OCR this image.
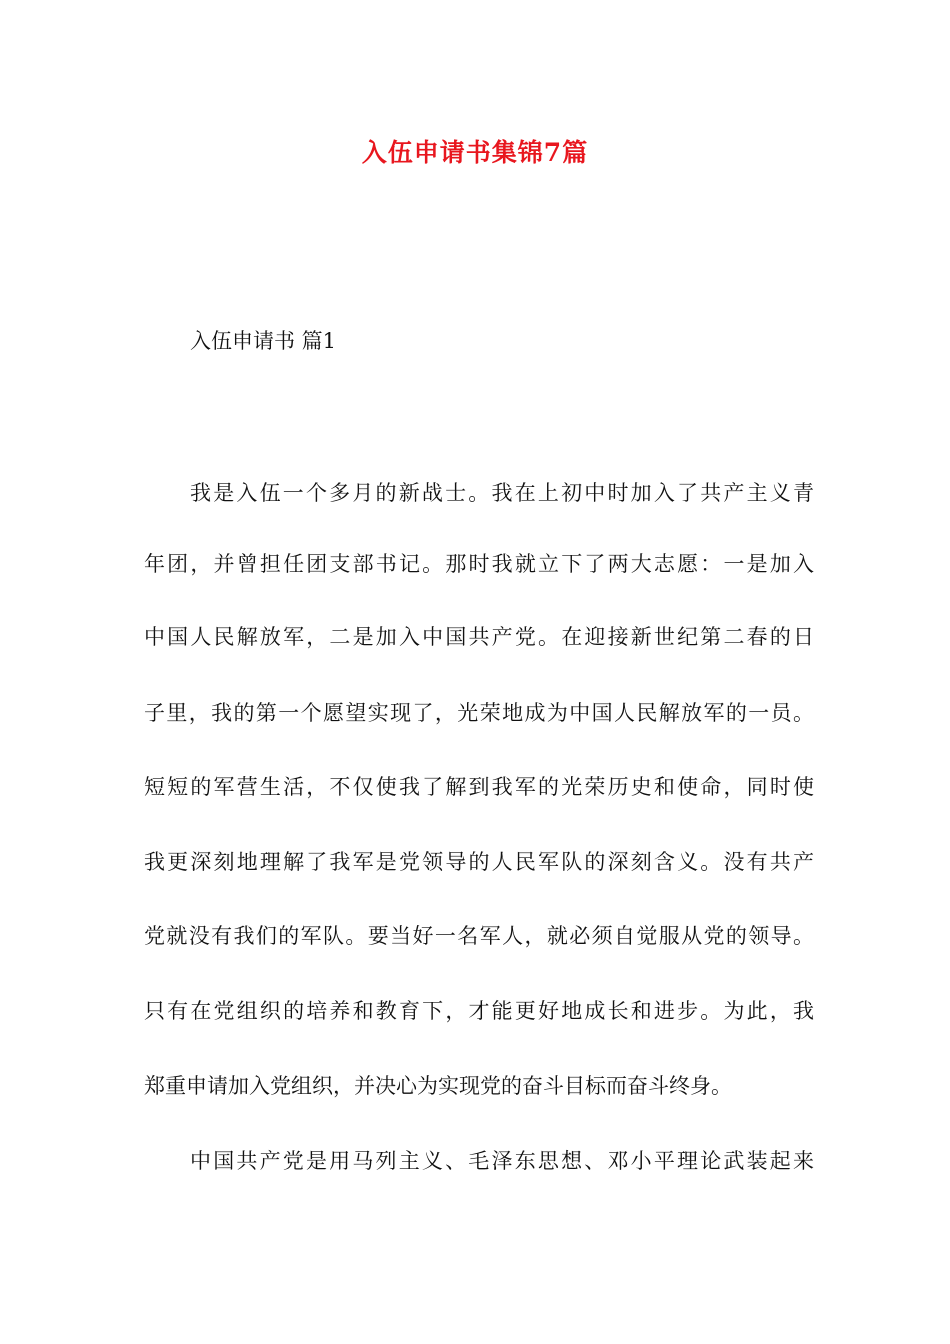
入伍申请书集锦7篇
入伍申请书 篇1
我是入伍一个多月的新战士。我在上初中时加入了共产主义青
年团，并曾担任团支部书记。那时我就立下了两大志愿：一是加入
中国人民解放军，二是加入中国共产党。在迎接新世纪第二春的日
子里，我的第一个愿望实现了，光荣地成为中国人民解放军的一员。
短短的军营生活，不仅使我了解到我军的光荣历史和使命，同时使
我更深刻地理解了我军是党领导的人民军队的深刻含义。没有共产
党就没有我们的军队。要当好一名军人，就必须自觉服从党的领导。
只有在党组织的培养和教育下，才能更好地成长和进步。为此，我
郑重申请加入党组织，并决心为实现党的奋斗目标而奋斗终身。
中国共产党是用马列主义、毛泽东思想、邓小平理论武装起来
